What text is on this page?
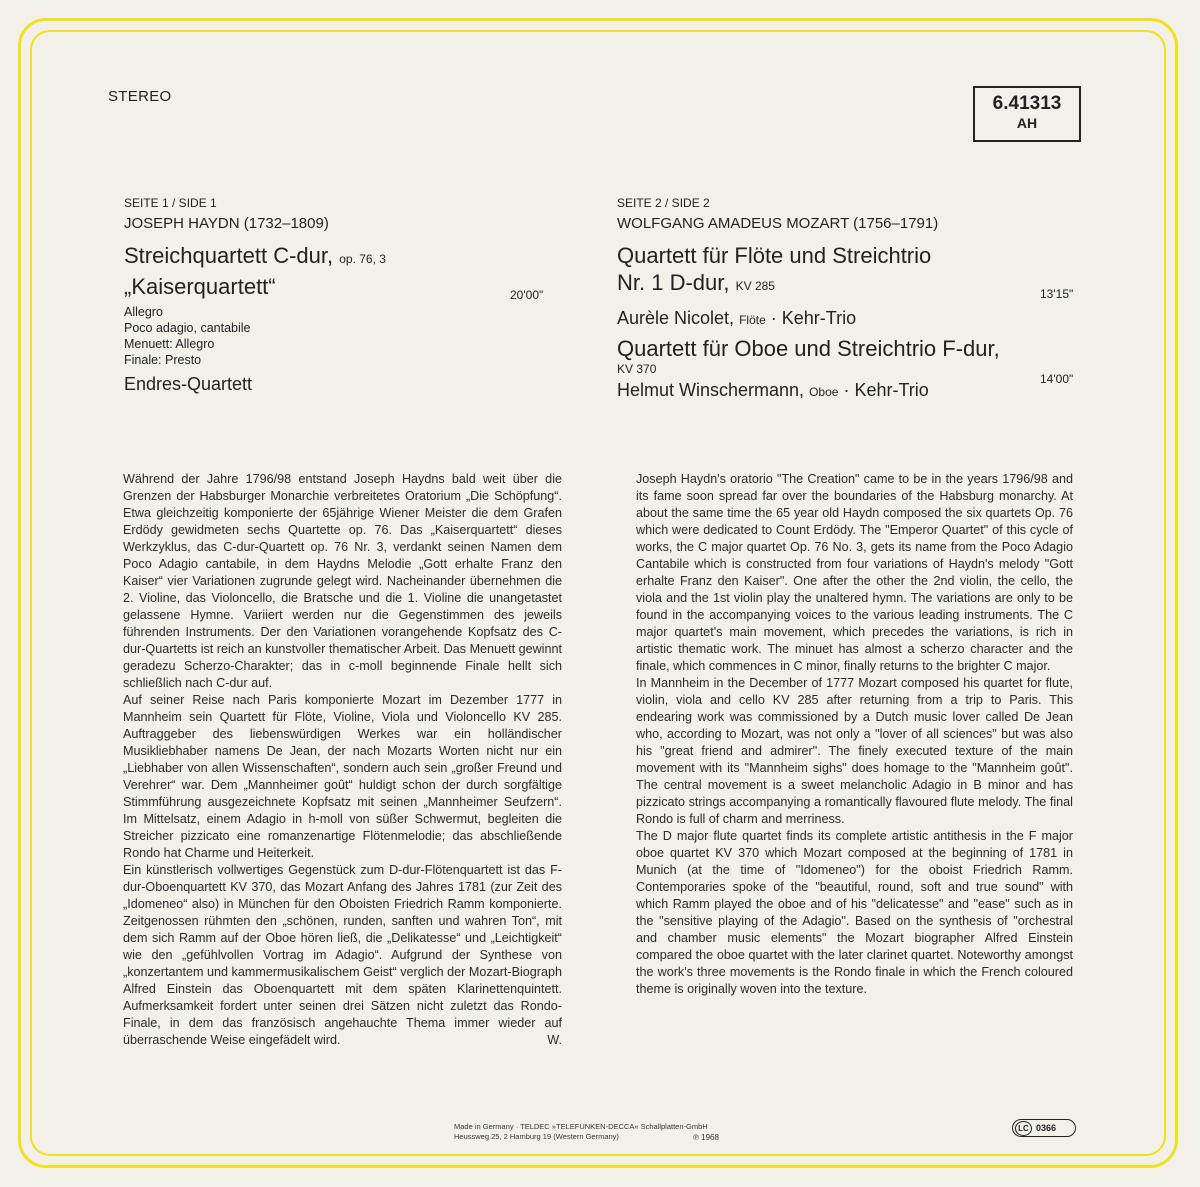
STEREO	6.41313
AH
SEITE 1 / SIDE 1
JOSEPH HAYDN (1732–1809)
Streichquartett C-dur, op. 76, 3
„Kaiserquartett“
Allegro
Poco adagio, cantabile
Menuett: Allegro
Finale: Presto
Endres-Quartett
20'00"
SEITE 2 / SIDE 2
WOLFGANG AMADEUS MOZART (1756–1791)
Quartett für Flöte und Streichtrio
Nr. 1 D-dur, KV 285
Aurèle Nicolet, Flöte · Kehr-Trio
Quartett für Oboe und Streichtrio F-dur,
KV 370
Helmut Winschermann, Oboe · Kehr-Trio
13'15"
14'00"

Während der Jahre 1796/98 entstand Joseph Haydns bald weit über die Grenzen der Habsburger Monarchie verbreitetes Oratorium „Die Schöpfung“. Etwa gleichzeitig komponierte der 65jährige Wiener Meister die dem Grafen Erdödy gewidmeten sechs Quartette op. 76. Das „Kaiserquartett“ dieses Werkzyklus, das C-dur-Quartett op. 76 Nr. 3, verdankt seinen Namen dem Poco Adagio cantabile, in dem Haydns Melodie „Gott erhalte Franz den Kaiser“ vier Variationen zugrunde gelegt wird. Nacheinander übernehmen die 2. Violine, das Violoncello, die Bratsche und die 1. Violine die unangetastet gelassene Hymne. Variiert werden nur die Gegenstimmen des jeweils führenden Instruments. Der den Variationen vorangehende Kopfsatz des C-dur-Quartetts ist reich an kunstvoller thematischer Arbeit. Das Menuett gewinnt geradezu Scherzo-Charakter; das in c-moll beginnende Finale hellt sich schließlich nach C-dur auf.

Auf seiner Reise nach Paris komponierte Mozart im Dezember 1777 in Mannheim sein Quartett für Flöte, Violine, Viola und Violoncello KV 285. Auftraggeber des liebenswürdigen Werkes war ein holländischer Musikliebhaber namens De Jean, der nach Mozarts Worten nicht nur ein „Liebhaber von allen Wissenschaften“, sondern auch sein „großer Freund und Verehrer“ war. Dem „Mannheimer goût“ huldigt schon der durch sorgfältige Stimmführung ausgezeichnete Kopfsatz mit seinen „Mannheimer Seufzern“. Im Mittelsatz, einem Adagio in h-moll von süßer Schwermut, begleiten die Streicher pizzicato eine romanzenartige Flötenmelodie; das abschließende Rondo hat Charme und Heiterkeit.

Ein künstlerisch vollwertiges Gegenstück zum D-dur-Flötenquartett ist das F-dur-Oboenquartett KV 370, das Mozart Anfang des Jahres 1781 (zur Zeit des „Idomeneo“ also) in München für den Oboisten Friedrich Ramm komponierte. Zeitgenossen rühmten den „schönen, runden, sanften und wahren Ton“, mit dem sich Ramm auf der Oboe hören ließ, die „Delikatesse“ und „Leichtigkeit“ wie den „gefühlvollen Vortrag im Adagio“. Aufgrund der Synthese von „konzertantem und kammermusikalischem Geist“ verglich der Mozart-Biograph Alfred Einstein das Oboenquartett mit dem späten Klarinettenquintett. Aufmerksamkeit fordert unter seinen drei Sätzen nicht zuletzt das Rondo-Finale, in dem das französisch angehauchte Thema immer wieder auf überraschende Weise eingefädelt wird.	W.

Joseph Haydn's oratorio "The Creation" came to be in the years 1796/98 and its fame soon spread far over the boundaries of the Habsburg monarchy. At about the same time the 65 year old Haydn composed the six quartets Op. 76 which were dedicated to Count Erdödy. The "Emperor Quartet" of this cycle of works, the C major quartet Op. 76 No. 3, gets its name from the Poco Adagio Cantabile which is constructed from four variations of Haydn's melody "Gott erhalte Franz den Kaiser". One after the other the 2nd violin, the cello, the viola and the 1st violin play the unaltered hymn. The variations are only to be found in the accompanying voices to the various leading instruments. The C major quartet's main movement, which precedes the variations, is rich in artistic thematic work. The minuet has almost a scherzo character and the finale, which commences in C minor, finally returns to the brighter C major.

In Mannheim in the December of 1777 Mozart composed his quartet for flute, violin, viola and cello KV 285 after returning from a trip to Paris. This endearing work was commissioned by a Dutch music lover called De Jean who, according to Mozart, was not only a "lover of all sciences" but was also his "great friend and admirer". The finely executed texture of the main movement with its "Mannheim sighs" does homage to the "Mannheim goût". The central movement is a sweet melancholic Adagio in B minor and has pizzicato strings accompanying a romantically flavoured flute melody. The final Rondo is full of charm and merriness.

The D major flute quartet finds its complete artistic antithesis in the F major oboe quartet KV 370 which Mozart composed at the beginning of 1781 in Munich (at the time of "Idomeneo") for the oboist Friedrich Ramm. Contemporaries spoke of the "beautiful, round, soft and true sound" with which Ramm played the oboe and of his "delicatesse" and "ease" such as in the "sensitive playing of the Adagio". Based on the synthesis of "orchestral and chamber music elements" the Mozart biographer Alfred Einstein compared the oboe quartet with the later clarinet quartet. Noteworthy amongst the work's three movements is the Rondo finale in which the French coloured theme is originally woven into the texture.

Made in Germany · TELDEC »TELEFUNKEN-DECCA« Schallplatten-GmbH
Heussweg 25, 2 Hamburg 19 (Western Germany)	℗ 1968
LC 0366
